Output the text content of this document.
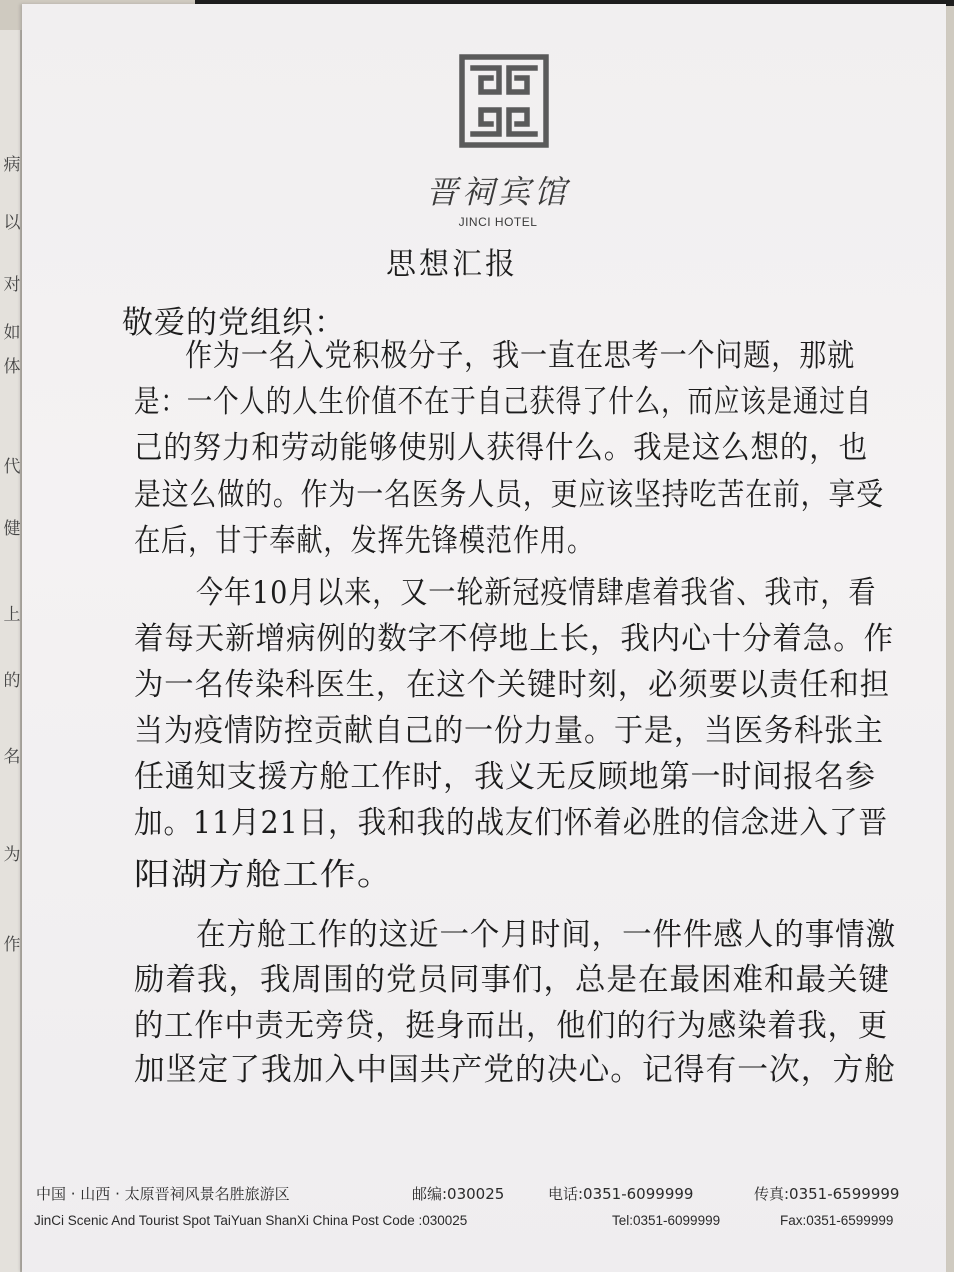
病
以
对
如
体
代
健
上
的
名
为
作
晋祠宾馆
JINCI HOTEL
思想汇报
敬爱的党组织：
作为一名入党积极分子，我一直在思考一个问题，那就
是：一个人的人生价值不在于自己获得了什么，而应该是通过自
己的努力和劳动能够使别人获得什么。我是这么想的，也
是这么做的。作为一名医务人员，更应该坚持吃苦在前，享受
在后，甘于奉献，发挥先锋模范作用。
今年10月以来，又一轮新冠疫情肆虐着我省、我市，看
着每天新增病例的数字不停地上长，我内心十分着急。作
为一名传染科医生，在这个关键时刻，必须要以责任和担
当为疫情防控贡献自己的一份力量。于是，当医务科张主
任通知支援方舱工作时，我义无反顾地第一时间报名参
加。11月21日，我和我的战友们怀着必胜的信念进入了晋
阳湖方舱工作。
在方舱工作的这近一个月时间，一件件感人的事情激
励着我，我周围的党员同事们，总是在最困难和最关键
的工作中责无旁贷，挺身而出，他们的行为感染着我，更
加坚定了我加入中国共产党的决心。记得有一次，方舱
中国 · 山西 · 太原晋祠风景名胜旅游区	邮编:030025	电话:0351-6099999	传真:0351-6599999
JinCi Scenic And Tourist Spot TaiYuan ShanXi China Post Code :030025	Tel:0351-6099999	Fax:0351-6599999
